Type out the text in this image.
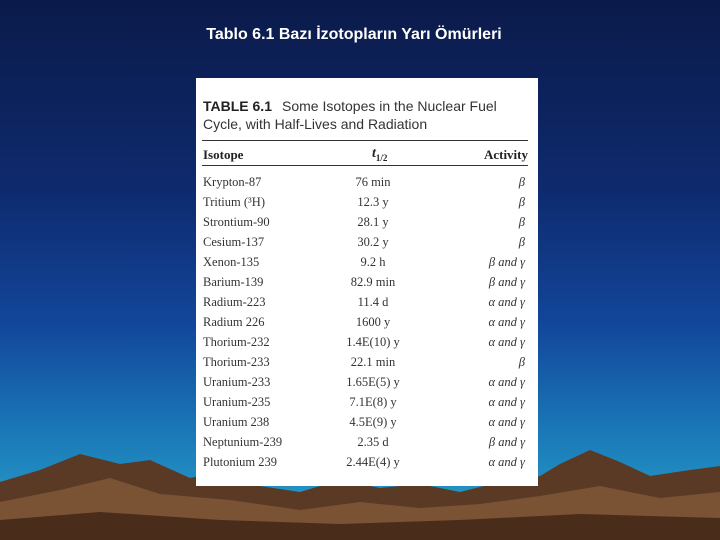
Tablo 6.1 Bazı İzotopların Yarı Ömürleri
TABLE 6.1 Some Isotopes in the Nuclear Fuel Cycle, with Half-Lives and Radiation
Isotope	$t_{1/2}$	Activity
Krypton-87	76 min	β
Tritium (³H)	12.3 y	β
Strontium-90	28.1 y	β
Cesium-137	30.2 y	β
Xenon-135	9.2 h	β and γ
Barium-139	82.9 min	β and γ
Radium-223	11.4 d	α and γ
Radium 226	1600 y	α and γ
Thorium-232	1.4E(10) y	α and γ
Thorium-233	22.1 min	β
Uranium-233	1.65E(5) y	α and γ
Uranium-235	7.1E(8) y	α and γ
Uranium 238	4.5E(9) y	α and γ
Neptunium-239	2.35 d	β and γ
Plutonium 239	2.44E(4) y	α and γ
